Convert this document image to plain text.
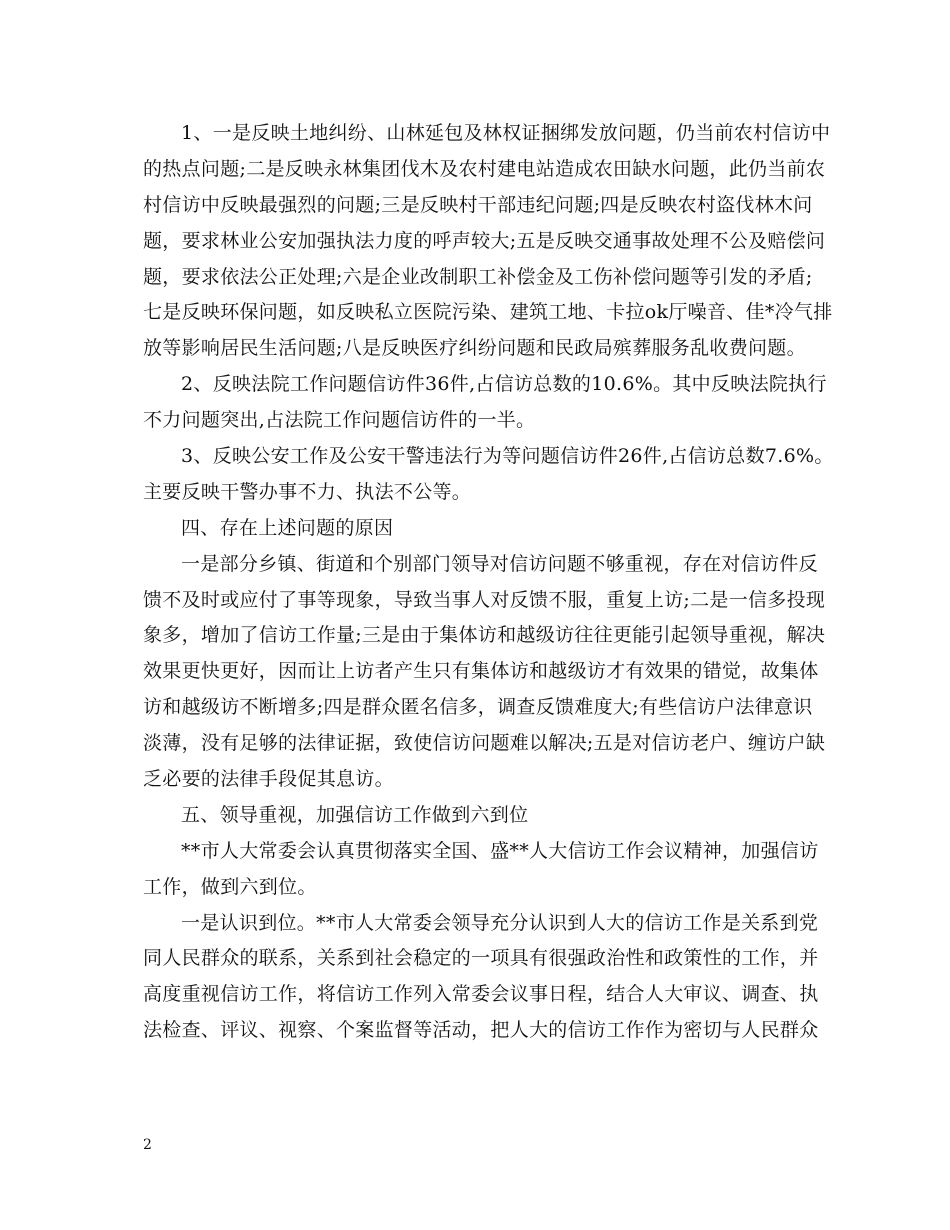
1、一是反映土地纠纷、山林延包及林权证捆绑发放问题，仍当前农村信访中
的热点问题;二是反映永林集团伐木及农村建电站造成农田缺水问题，此仍当前农
村信访中反映最强烈的问题;三是反映村干部违纪问题;四是反映农村盗伐林木问
题，要求林业公安加强执法力度的呼声较大;五是反映交通事故处理不公及赔偿问
题，要求依法公正处理;六是企业改制职工补偿金及工伤补偿问题等引发的矛盾;
七是反映环保问题，如反映私立医院污染、建筑工地、卡拉ok厅噪音、佳*冷气排
放等影响居民生活问题;八是反映医疗纠纷问题和民政局殡葬服务乱收费问题。
2、反映法院工作问题信访件36件,占信访总数的10.6%。其中反映法院执行
不力问题突出,占法院工作问题信访件的一半。
3、反映公安工作及公安干警违法行为等问题信访件26件,占信访总数7.6%。
主要反映干警办事不力、执法不公等。
四、存在上述问题的原因
一是部分乡镇、街道和个别部门领导对信访问题不够重视，存在对信访件反
馈不及时或应付了事等现象，导致当事人对反馈不服，重复上访;二是一信多投现
象多，增加了信访工作量;三是由于集体访和越级访往往更能引起领导重视，解决
效果更快更好，因而让上访者产生只有集体访和越级访才有效果的错觉，故集体
访和越级访不断增多;四是群众匿名信多，调查反馈难度大;有些信访户法律意识
淡薄，没有足够的法律证据，致使信访问题难以解决;五是对信访老户、缠访户缺
乏必要的法律手段促其息访。
五、领导重视，加强信访工作做到六到位
**市人大常委会认真贯彻落实全国、盛**人大信访工作会议精神，加强信访
工作，做到六到位。
一是认识到位。**市人大常委会领导充分认识到人大的信访工作是关系到党
同人民群众的联系，关系到社会稳定的一项具有很强政治性和政策性的工作，并
高度重视信访工作，将信访工作列入常委会议事日程，结合人大审议、调查、执
法检查、评议、视察、个案监督等活动，把人大的信访工作作为密切与人民群众
2
